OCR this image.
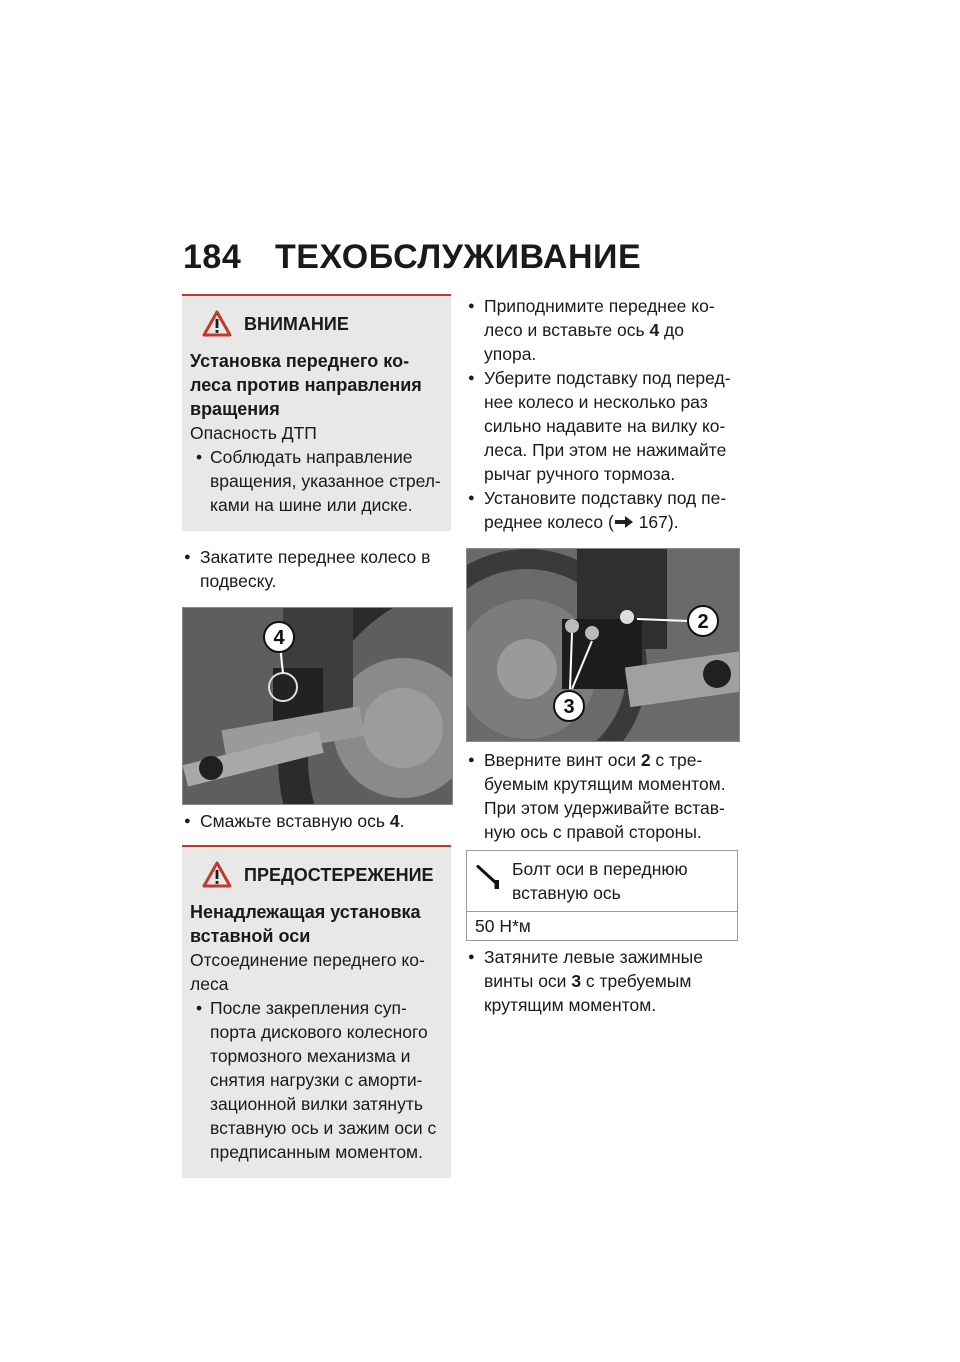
184 ТЕХОБСЛУЖИВАНИЕ
ВНИМАНИЕ
Установка переднего ко-леса против направления вращения
Опасность ДТП
• Соблюдать направление вращения, указанное стрел-ками на шине или диске.

● Закатите переднее колесо в подвеску.

4

● Смажьте вставную ось 4.

ПРЕДОСТЕРЕЖЕНИЕ
Ненадлежащая установка вставной оси
Отсоединение переднего ко-леса
• После закрепления суп-порта дискового колесного тормозного механизма и снятия нагрузки с аморти-зационной вилки затянуть вставную ось и зажим оси с предписанным моментом.

● Приподнимите переднее ко-лесо и вставьте ось 4 до упора.

● Уберите подставку под перед-нее колесо и несколько раз сильно надавите на вилку ко-леса. При этом не нажимайте рычаг ручного тормоза.

● Установите подставку под пе-реднее колесо ( 167).

2
3

● Вверните винт оси 2 с тре-буемым крутящим моментом. При этом удерживайте встав-ную ось с правой стороны.

Болт оси в переднюю вставную ось
50 Н*м

● Затяните левые зажимные винты оси 3 с требуемым крутящим моментом.
